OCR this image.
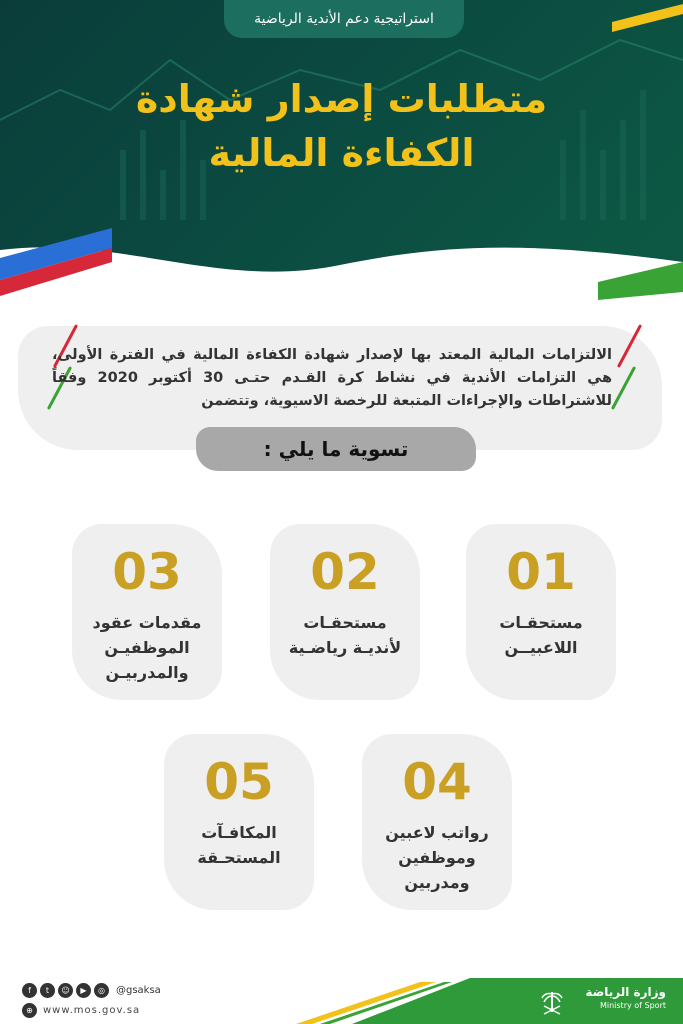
استراتيجية دعم الأندية الرياضية
متطلبات إصدار شهادة
الكفاءة المالية
الالتزامات المالية المعتد بها لإصدار شهادة الكفاءة المالية في الفترة الأولى، هي التزامات الأندية في نشاط كرة القـدم حتـى 30 أكتوبر 2020 وفقاً للاشتراطات والإجراءات المتبعة للرخصة الاسيوية، وتتضمن
تسوية ما يلي :
01
مستحقـات اللاعبيــن
02
مستحقـات لأنديـة رياضـية
03
مقدمات عقود الموظفيـن والمدربيـن
04
رواتب لاعبين وموظفين ومدربين
05
المكافـآت المستحـقة
f	t	☺	▶	◎	@gsaksa
⊕	www.mos.gov.sa
وزارة الرياضة
Ministry of Sport
